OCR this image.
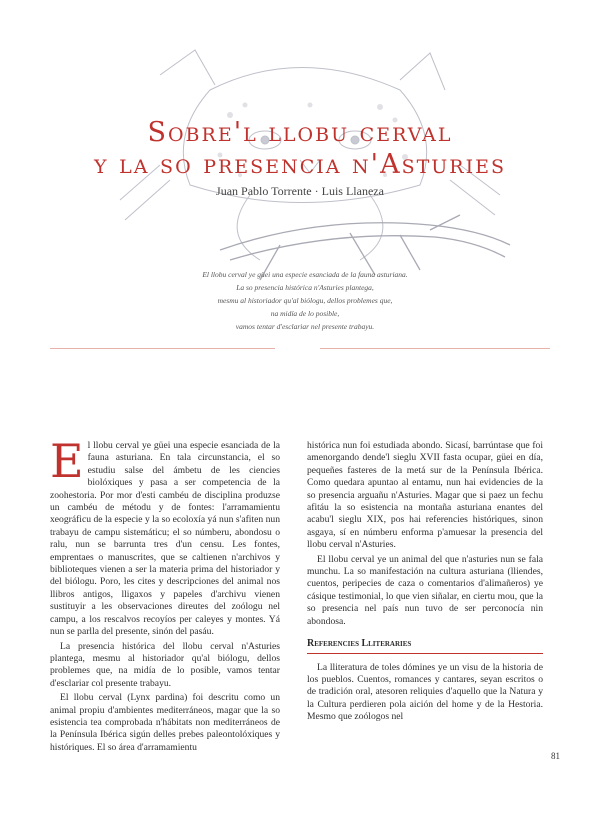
Sobre'l llobu cerval
y la so presencia n'Asturies
Juan Pablo Torrente · Luis Llaneza
El llobu cerval ye güei una especie esanciada de la fauna asturiana.
La so presencia histórica n'Asturies plantega,
mesmu al historiador qu'al biólogu, dellos problemes que,
na midía de lo posible,
vamos tentar d'esclariar nel presente trabayu.

El llobu cerval ye güei una especie esanciada de la fauna asturiana. En tala circunstancia, el so estudiu salse del ámbetu de les ciencies biolóxiques y pasa a ser competencia de la zoohestoria. Por mor d'esti cambéu de disciplina produzse un cambéu de métodu y de fontes: l'arramamientu xeográficu de la especie y la so ecoloxía yá nun s'afiten nun trabayu de campu sistemáticu; el so númberu, abondosu o ralu, nun se barrunta tres d'un censu. Les fontes, emprentaes o manuscrites, que se caltienen n'archivos y biblioteques vienen a ser la materia prima del historiador y del biólogu. Poro, les cites y descripciones del animal nos llibros antigos, lligaxos y papeles d'archivu vienen sustituyir a les observaciones direutes del zoólogu nel campu, a los rescalvos recoyíos per caleyes y montes. Yá nun se parlla del presente, sinón del pasáu.

La presencia histórica del llobu cerval n'Asturies plantega, mesmu al historiador qu'al biólogu, dellos problemes que, na midía de lo posible, vamos tentar d'esclariar col presente trabayu.

El llobu cerval (Lynx pardina) foi descritu como un animal propiu d'ambientes mediterráneos, magar que la so esistencia tea comprobada n'hábitats non mediterráneos de la Península Ibérica sigún delles prebes paleontolóxiques y históriques. El so área d'arramamientu

histórica nun foi estudiada abondo. Sicasí, barrúntase que foi amenorgando dende'l sieglu XVII fasta ocupar, güei en día, pequeñes fasteres de la metá sur de la Península Ibérica. Como quedara apuntao al entamu, nun hai evidencies de la so presencia arguañu n'Asturies. Magar que si paez un fechu afitáu la so esistencia na montaña asturiana enantes del acabu'l sieglu XIX, pos hai referencies históriques, sinon asgaya, sí en númberu enforma p'amuesar la presencia del llobu cerval n'Asturies.

El llobu cerval ye un animal del que n'asturies nun se fala munchu. La so manifestación na cultura asturiana (lliendes, cuentos, peripecies de caza o comentarios d'alimañeros) ye cásique testimonial, lo que vien siñalar, en ciertu mou, que la so presencia nel país nun tuvo de ser perconocía nin abondosa.

Referencies Lliteraries

La lliteratura de toles dómines ye un visu de la historia de los pueblos. Cuentos, romances y cantares, seyan escritos o de tradición oral, atesoren reliquies d'aquello que la Natura y la Cultura perdieren pola aición del home y de la Hestoria. Mesmo que zoólogos nel

81
